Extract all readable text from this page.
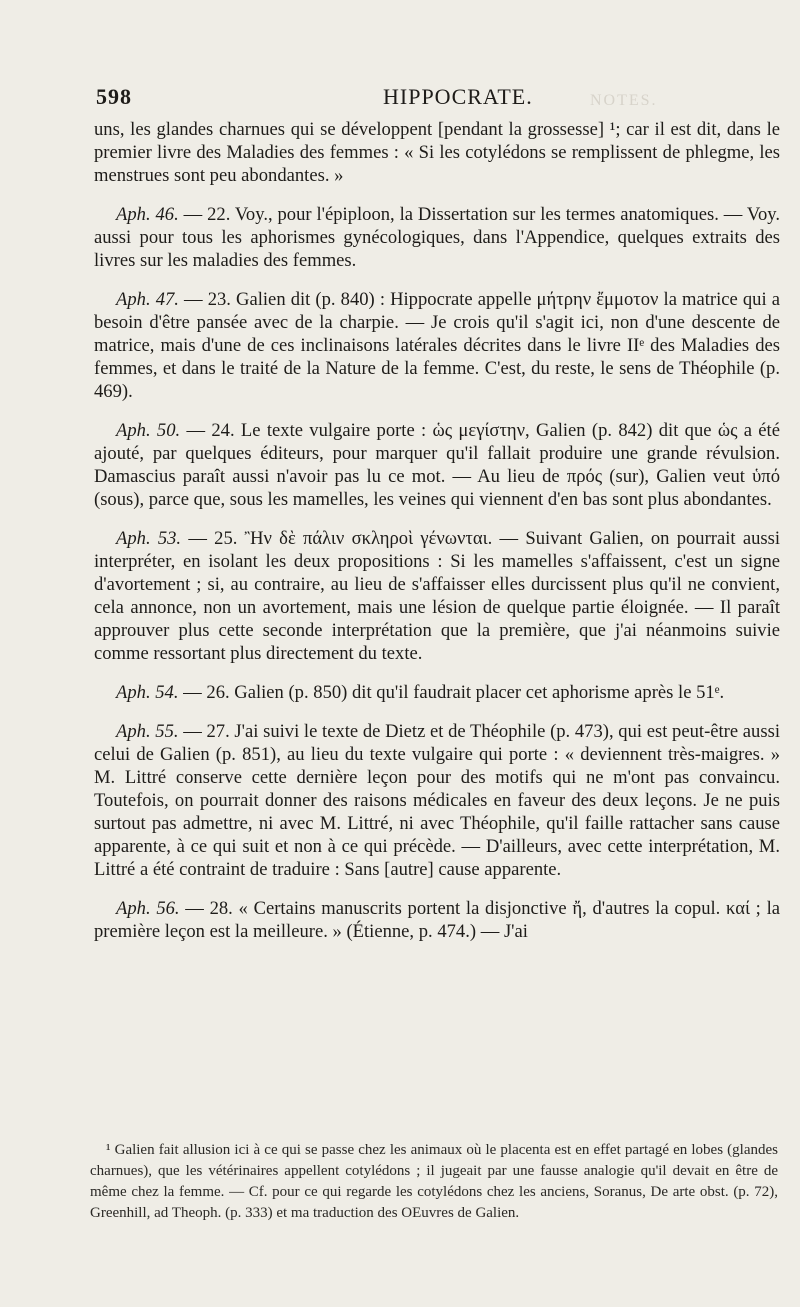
NOTES.
598	HIPPOCRATE.

uns, les glandes charnues qui se développent [pendant la grossesse] ¹; car il est dit, dans le premier livre des Maladies des femmes : « Si les cotylédons se remplissent de phlegme, les menstrues sont peu abondantes. »

Aph. 46. — 22. Voy., pour l'épiploon, la Dissertation sur les termes anatomiques. — Voy. aussi pour tous les aphorismes gynécologiques, dans l'Appendice, quelques extraits des livres sur les maladies des femmes.

Aph. 47. — 23. Galien dit (p. 840) : Hippocrate appelle μήτρην ἔμμοτον la matrice qui a besoin d'être pansée avec de la charpie. — Je crois qu'il s'agit ici, non d'une descente de matrice, mais d'une de ces inclinaisons latérales décrites dans le livre IIᵉ des Maladies des femmes, et dans le traité de la Nature de la femme. C'est, du reste, le sens de Théophile (p. 469).

Aph. 50. — 24. Le texte vulgaire porte : ὡς μεγίστην, Galien (p. 842) dit que ὡς a été ajouté, par quelques éditeurs, pour marquer qu'il fallait produire une grande révulsion. Damascius paraît aussi n'avoir pas lu ce mot. — Au lieu de πρός (sur), Galien veut ὑπό (sous), parce que, sous les mamelles, les veines qui viennent d'en bas sont plus abondantes.

Aph. 53. — 25. Ἢν δὲ πάλιν σκληροὶ γένωνται. — Suivant Galien, on pourrait aussi interpréter, en isolant les deux propositions : Si les mamelles s'affaissent, c'est un signe d'avortement ; si, au contraire, au lieu de s'affaisser elles durcissent plus qu'il ne convient, cela annonce, non un avortement, mais une lésion de quelque partie éloignée. — Il paraît approuver plus cette seconde interprétation que la première, que j'ai néanmoins suivie comme ressortant plus directement du texte.

Aph. 54. — 26. Galien (p. 850) dit qu'il faudrait placer cet aphorisme après le 51ᵉ.

Aph. 55. — 27. J'ai suivi le texte de Dietz et de Théophile (p. 473), qui est peut-être aussi celui de Galien (p. 851), au lieu du texte vulgaire qui porte : « deviennent très-maigres. » M. Littré conserve cette dernière leçon pour des motifs qui ne m'ont pas convaincu. Toutefois, on pourrait donner des raisons médicales en faveur des deux leçons. Je ne puis surtout pas admettre, ni avec M. Littré, ni avec Théophile, qu'il faille rattacher sans cause apparente, à ce qui suit et non à ce qui précède. — D'ailleurs, avec cette interprétation, M. Littré a été contraint de traduire : Sans [autre] cause apparente.

Aph. 56. — 28. « Certains manuscrits portent la disjonctive ἤ, d'autres la copul. καί ; la première leçon est la meilleure. » (Étienne, p. 474.) — J'ai

¹ Galien fait allusion ici à ce qui se passe chez les animaux où le placenta est en effet partagé en lobes (glandes charnues), que les vétérinaires appellent cotylédons ; il jugeait par une fausse analogie qu'il devait en être de même chez la femme. — Cf. pour ce qui regarde les cotylédons chez les anciens, Soranus, De arte obst. (p. 72), Greenhill, ad Theoph. (p. 333) et ma traduction des OEuvres de Galien.
